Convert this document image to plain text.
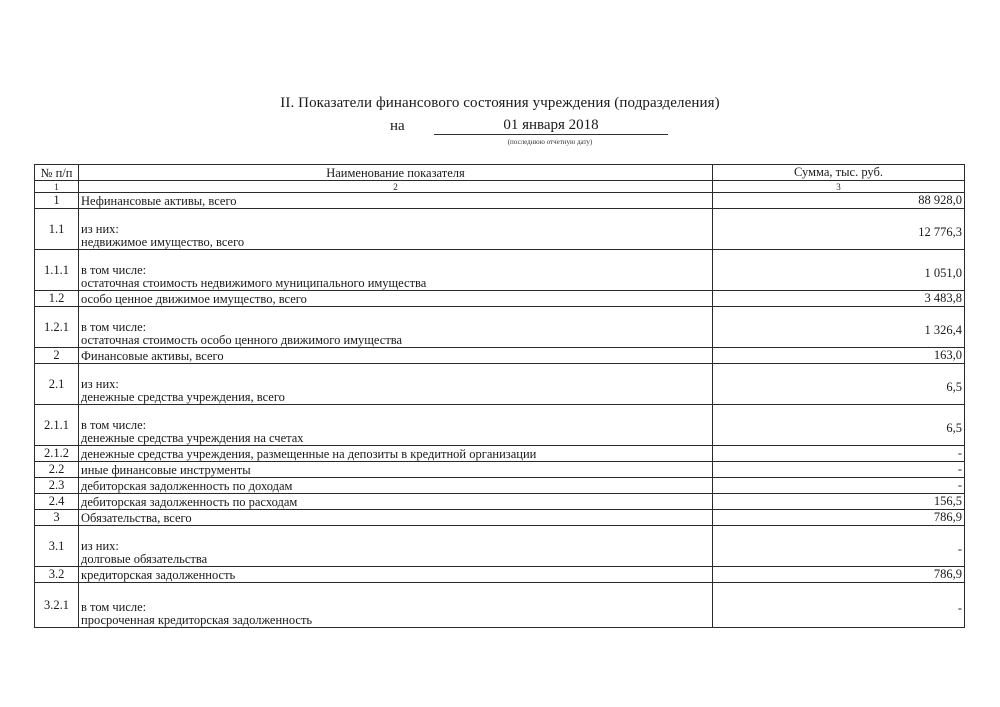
II. Показатели финансового состояния учреждения (подразделения)
на	01 января 2018
(последнюю отчетную дату)
№ п/п	Наименование показателя	Сумма, тыс. руб.
1	2	3
1	Нефинансовые активы, всего	88 928,0
1.1	из них:
недвижимое имущество, всего	12 776,3
1.1.1	в том числе:
остаточная стоимость недвижимого муниципального имущества	1 051,0
1.2	особо ценное движимое имущество, всего	3 483,8
1.2.1	в том числе:
остаточная стоимость особо ценного движимого имущества	1 326,4
2	Финансовые активы, всего	163,0
2.1	из них:
денежные средства учреждения, всего	6,5
2.1.1	в том числе:
денежные средства учреждения на счетах	6,5
2.1.2	денежные средства учреждения, размещенные на депозиты в кредитной организации	-
2.2	иные финансовые инструменты	-
2.3	дебиторская задолженность по доходам	-
2.4	дебиторская задолженность по расходам	156,5
3	Обязательства, всего	786,9
3.1	из них:
долговые обязательства	-
3.2	кредиторская задолженность	786,9
3.2.1	в том числе:
просроченная кредиторская задолженность	-
